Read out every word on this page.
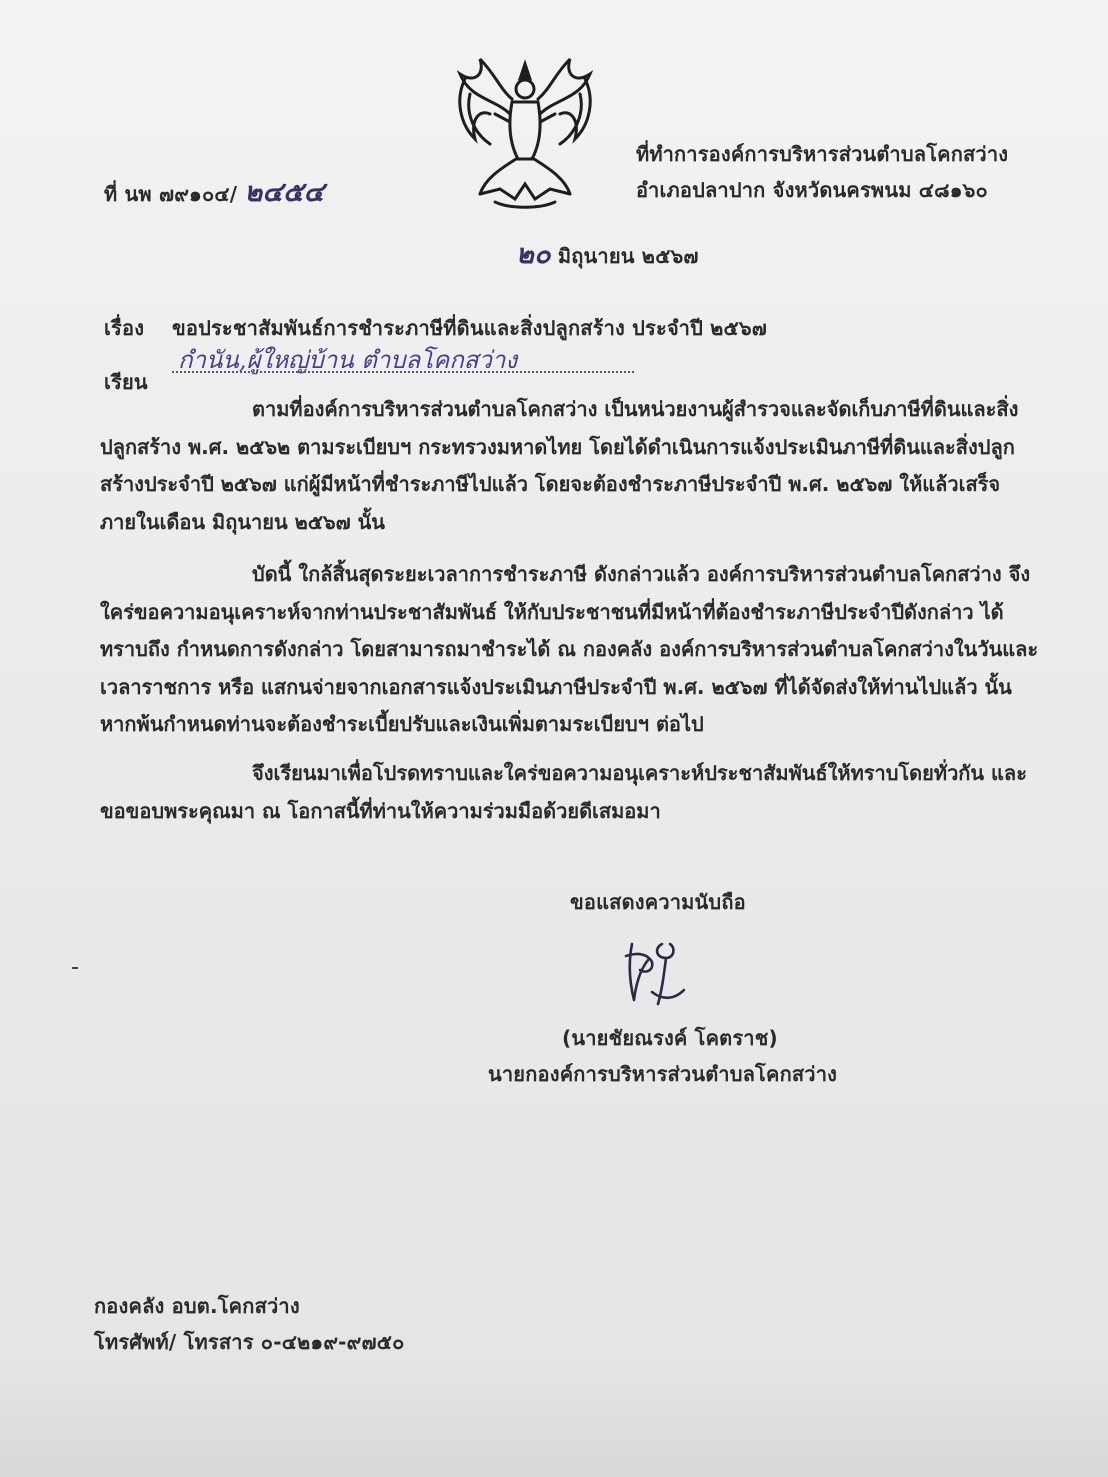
ที่ นพ ๗๙๑๐๔/ ๒๔๕๔
ที่ทำการองค์การบริหารส่วนตำบลโคกสว่าง
อำเภอปลาปาก จังหวัดนครพนม ๔๘๑๖๐
๒๐ มิถุนายน ๒๕๖๗
เรื่อง ขอประชาสัมพันธ์การชำระภาษีที่ดินและสิ่งปลูกสร้าง ประจำปี ๒๕๖๗
เรียน
กำนัน,ผู้ใหญ่บ้าน ตำบลโคกสว่าง

ตามที่องค์การบริหารส่วนตำบลโคกสว่าง เป็นหน่วยงานผู้สำรวจและจัดเก็บภาษีที่ดินและสิ่งปลูกสร้าง พ.ศ. ๒๕๖๒ ตามระเบียบฯ กระทรวงมหาดไทย โดยได้ดำเนินการแจ้งประเมินภาษีที่ดินและสิ่งปลูกสร้างประจำปี ๒๕๖๗ แก่ผู้มีหน้าที่ชำระภาษีไปแล้ว โดยจะต้องชำระภาษีประจำปี พ.ศ. ๒๕๖๗ ให้แล้วเสร็จภายในเดือน มิถุนายน ๒๕๖๗ นั้น

บัดนี้ ใกล้สิ้นสุดระยะเวลาการชำระภาษี ดังกล่าวแล้ว องค์การบริหารส่วนตำบลโคกสว่าง จึงใคร่ขอความอนุเคราะห์จากท่านประชาสัมพันธ์ ให้กับประชาชนที่มีหน้าที่ต้องชำระภาษีประจำปีดังกล่าว ได้ทราบถึง กำหนดการดังกล่าว โดยสามารถมาชำระได้ ณ กองคลัง องค์การบริหารส่วนตำบลโคกสว่างในวันและเวลาราชการ หรือ แสกนจ่ายจากเอกสารแจ้งประเมินภาษีประจำปี พ.ศ. ๒๕๖๗ ที่ได้จัดส่งให้ท่านไปแล้ว นั้น หากพ้นกำหนดท่านจะต้องชำระเบี้ยปรับและเงินเพิ่มตามระเบียบฯ ต่อไป

จึงเรียนมาเพื่อโปรดทราบและใคร่ขอความอนุเคราะห์ประชาสัมพันธ์ให้ทราบโดยทั่วกัน และขอขอบพระคุณมา ณ โอกาสนี้ที่ท่านให้ความร่วมมือด้วยดีเสมอมา

ขอแสดงความนับถือ
(นายชัยณรงค์ โคตราช)
นายกองค์การบริหารส่วนตำบลโคกสว่าง
กองคลัง อบต.โคกสว่าง
โทรศัพท์/ โทรสาร ๐-๔๒๑๙-๙๗๕๐
